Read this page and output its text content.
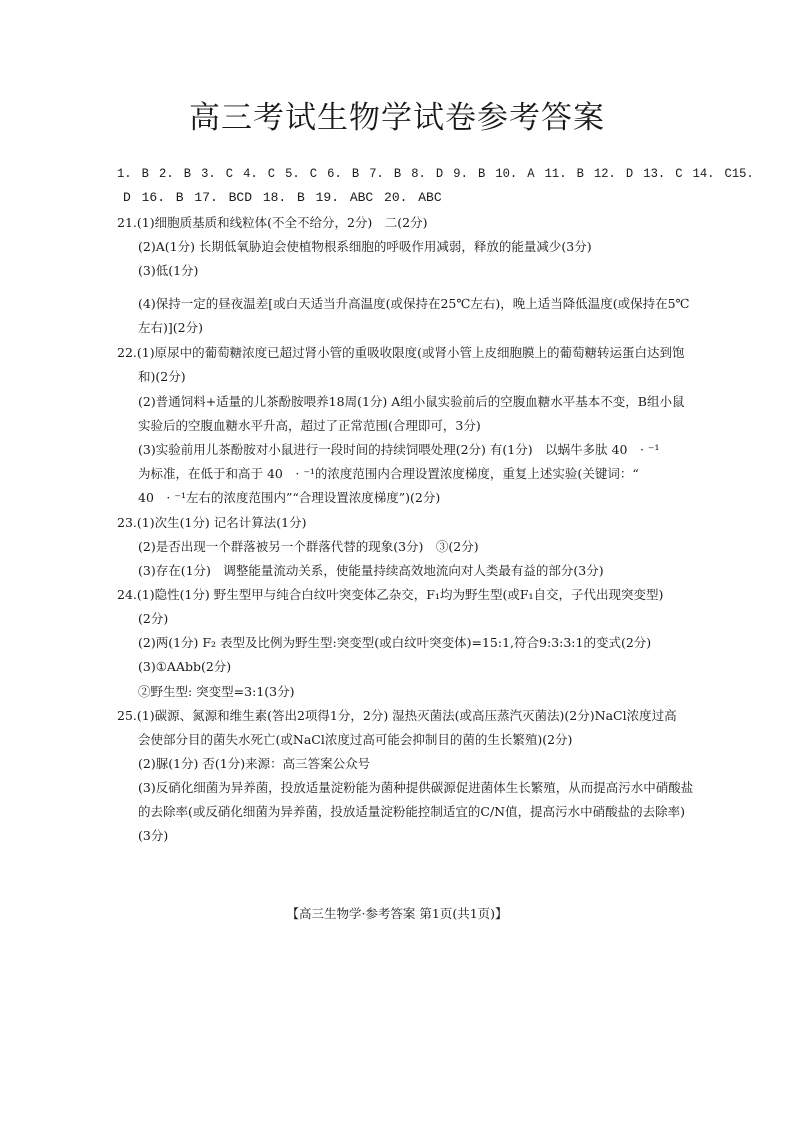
高三考试生物学试卷参考答案
1. B 2. B 3. C 4. C 5. C 6. B 7. B 8. D 9. B 10. A 11. B 12. D 13. C 14. C15.
D 16. B 17. BCD 18. B 19. ABC 20. ABC
21.(1)细胞质基质和线粒体(不全不给分，2分)　二(2分)
(2)A(1分) 长期低氧胁迫会使植物根系细胞的呼吸作用减弱，释放的能量减少(3分)
(3)低(1分)
(4)保持一定的昼夜温差[或白天适当升高温度(或保持在25℃左右)，晚上适当降低温度(或保持在5℃
左右)](2分)
22.(1)原尿中的葡萄糖浓度已超过肾小管的重吸收限度(或肾小管上皮细胞膜上的葡萄糖转运蛋白达到饱
和)(2分)
(2)普通饲料+适量的儿茶酚胺喂养18周(1分) A组小鼠实验前后的空腹血糖水平基本不变，B组小鼠
实验后的空腹血糖水平升高，超过了正常范围(合理即可，3分)
(3)实验前用儿茶酚胺对小鼠进行一段时间的持续饲喂处理(2分) 有(1分)　以蜗牛多肽 40　· ⁻¹
为标准，在低于和高于 40　· ⁻¹的浓度范围内合理设置浓度梯度，重复上述实验(关键词：“
40　· ⁻¹左右的浓度范围内”“合理设置浓度梯度”)(2分)
23.(1)次生(1分) 记名计算法(1分)
(2)是否出现一个群落被另一个群落代替的现象(3分)　③(2分)
(3)存在(1分)　调整能量流动关系，使能量持续高效地流向对人类最有益的部分(3分)
24.(1)隐性(1分) 野生型甲与纯合白纹叶突变体乙杂交，F₁均为野生型(或F₁自交，子代出现突变型)
(2分)
(2)两(1分) F₂ 表型及比例为野生型:突变型(或白纹叶突变体)=15:1,符合9:3:3:1的变式(2分)
(3)①AAbb(2分)
②野生型: 突变型=3:1(3分)
25.(1)碳源、氮源和维生素(答出2项得1分，2分) 湿热灭菌法(或高压蒸汽灭菌法)(2分)NaCl浓度过高
会使部分目的菌失水死亡(或NaCl浓度过高可能会抑制目的菌的生长繁殖)(2分)
(2)脲(1分) 否(1分)来源：高三答案公众号
(3)反硝化细菌为异养菌，投放适量淀粉能为菌种提供碳源促进菌体生长繁殖，从而提高污水中硝酸盐
的去除率(或反硝化细菌为异养菌，投放适量淀粉能控制适宜的C/N值，提高污水中硝酸盐的去除率)
(3分)
【高三生物学·参考答案 第1页(共1页)】
